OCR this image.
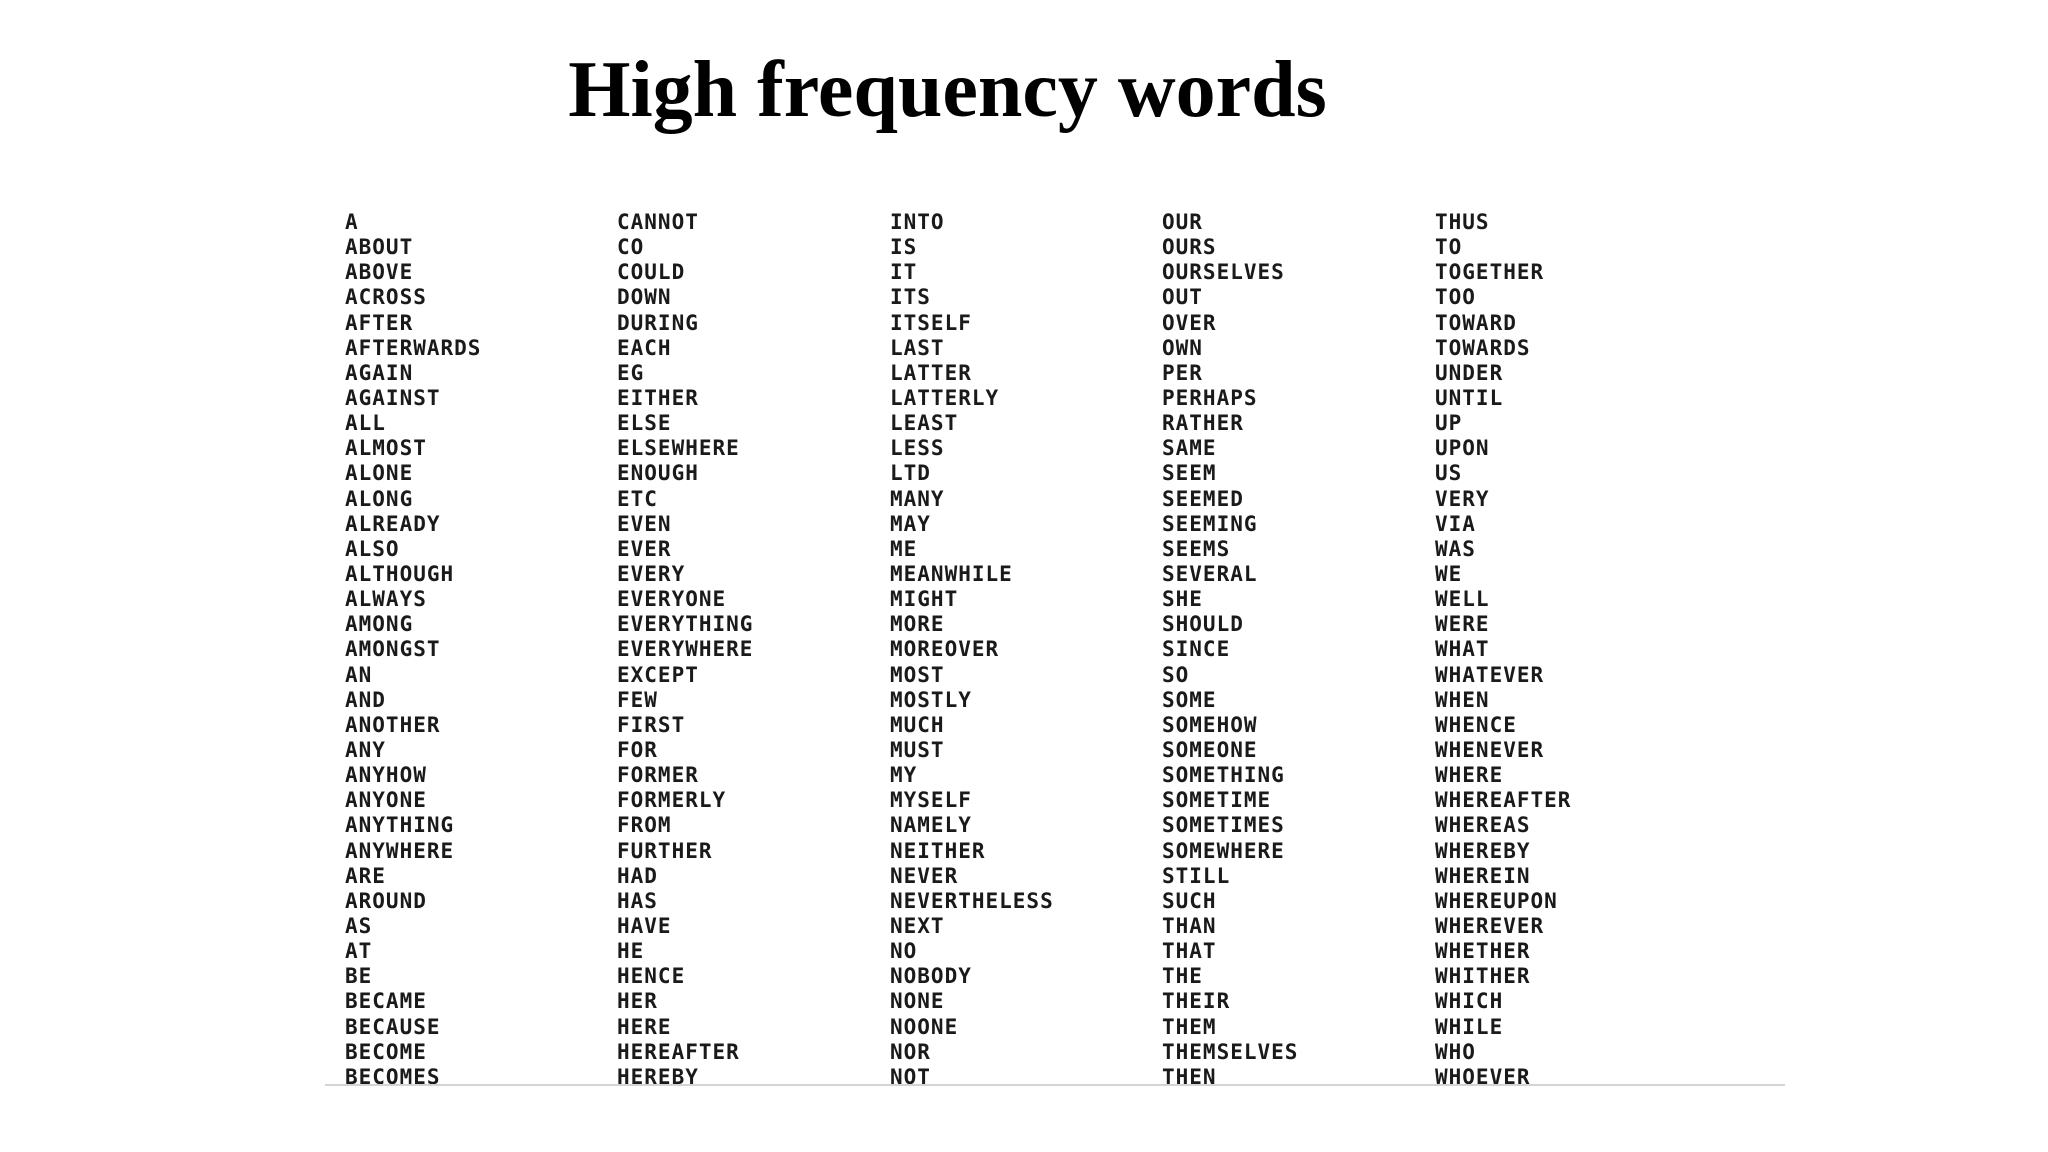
High frequency words
A
ABOUT
ABOVE
ACROSS
AFTER
AFTERWARDS
AGAIN
AGAINST
ALL
ALMOST
ALONE
ALONG
ALREADY
ALSO
ALTHOUGH
ALWAYS
AMONG
AMONGST
AN
AND
ANOTHER
ANY
ANYHOW
ANYONE
ANYTHING
ANYWHERE
ARE
AROUND
AS
AT
BE
BECAME
BECAUSE
BECOME
BECOMES
CANNOT
CO
COULD
DOWN
DURING
EACH
EG
EITHER
ELSE
ELSEWHERE
ENOUGH
ETC
EVEN
EVER
EVERY
EVERYONE
EVERYTHING
EVERYWHERE
EXCEPT
FEW
FIRST
FOR
FORMER
FORMERLY
FROM
FURTHER
HAD
HAS
HAVE
HE
HENCE
HER
HERE
HEREAFTER
HEREBY
INTO
IS
IT
ITS
ITSELF
LAST
LATTER
LATTERLY
LEAST
LESS
LTD
MANY
MAY
ME
MEANWHILE
MIGHT
MORE
MOREOVER
MOST
MOSTLY
MUCH
MUST
MY
MYSELF
NAMELY
NEITHER
NEVER
NEVERTHELESS
NEXT
NO
NOBODY
NONE
NOONE
NOR
NOT
OUR
OURS
OURSELVES
OUT
OVER
OWN
PER
PERHAPS
RATHER
SAME
SEEM
SEEMED
SEEMING
SEEMS
SEVERAL
SHE
SHOULD
SINCE
SO
SOME
SOMEHOW
SOMEONE
SOMETHING
SOMETIME
SOMETIMES
SOMEWHERE
STILL
SUCH
THAN
THAT
THE
THEIR
THEM
THEMSELVES
THEN
THUS
TO
TOGETHER
TOO
TOWARD
TOWARDS
UNDER
UNTIL
UP
UPON
US
VERY
VIA
WAS
WE
WELL
WERE
WHAT
WHATEVER
WHEN
WHENCE
WHENEVER
WHERE
WHEREAFTER
WHEREAS
WHEREBY
WHEREIN
WHEREUPON
WHEREVER
WHETHER
WHITHER
WHICH
WHILE
WHO
WHOEVER
